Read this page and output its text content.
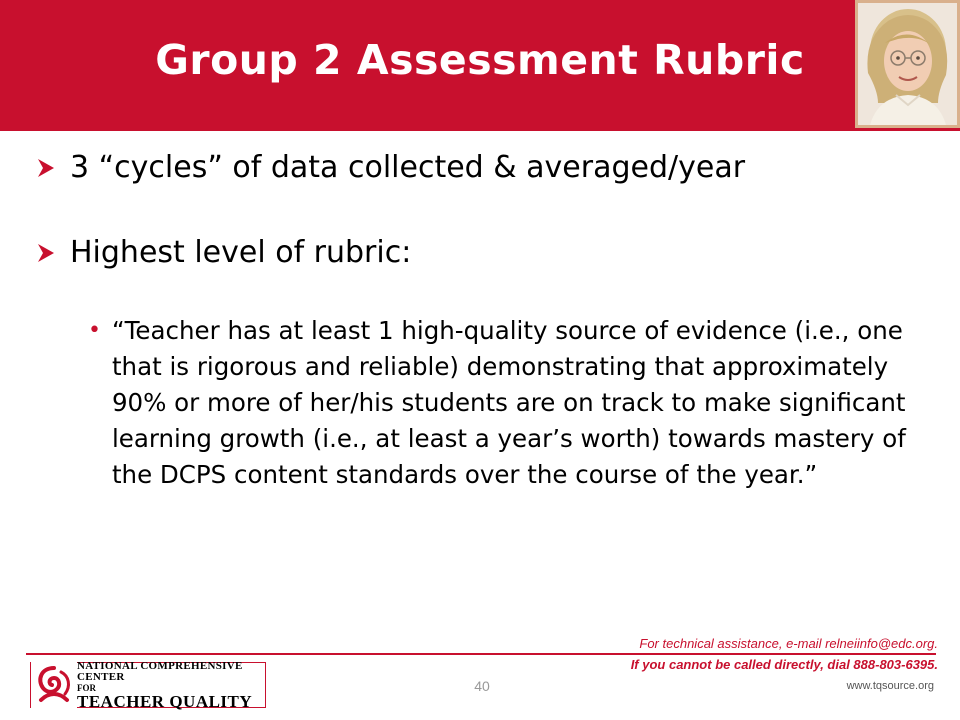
Group 2 Assessment Rubric
3 “cycles” of data collected & averaged/year
Highest level of rubric:
• “Teacher has at least 1 high-quality source of evidence (i.e., one that is rigorous and reliable) demonstrating that approximately 90% or more of her/his students are on track to make significant learning growth (i.e., at least a year’s worth) towards mastery of the DCPS content standards over the course of the year.”
For technical assistance, e-mail relneiinfo@edc.org.
If you cannot be called directly, dial 888-803-6395.
NATIONAL COMPREHENSIVE CENTER
FOR
TEACHER QUALITY
40	www.tqsource.org
